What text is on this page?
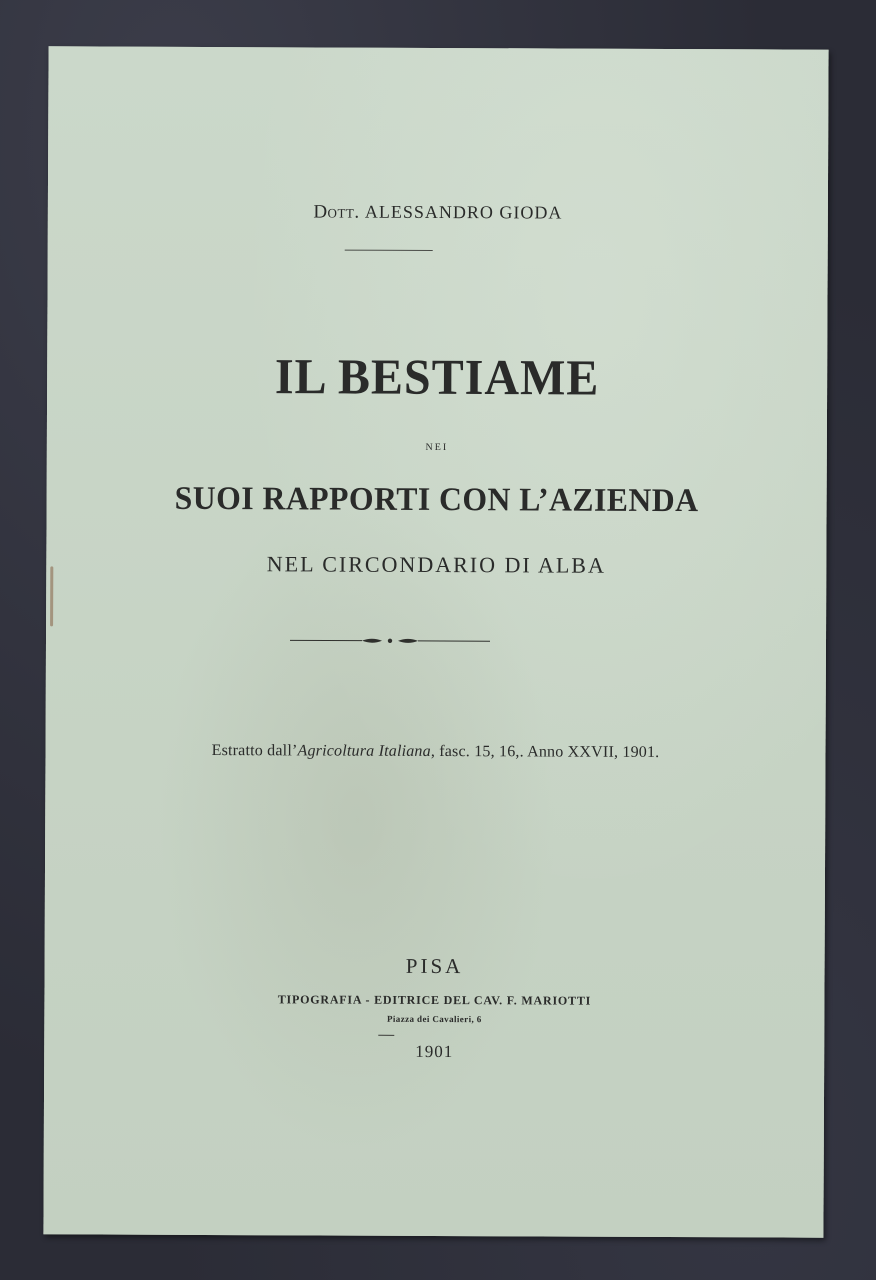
Dott. ALESSANDRO GIODA
IL BESTIAME
NEI
SUOI RAPPORTI CON L’AZIENDA
NEL CIRCONDARIO DI ALBA
Estratto dall’Agricoltura Italiana, fasc. 15, 16,. Anno XXVII, 1901.
PISA
TIPOGRAFIA - EDITRICE DEL CAV. F. MARIOTTI
Piazza dei Cavalieri, 6
1901
